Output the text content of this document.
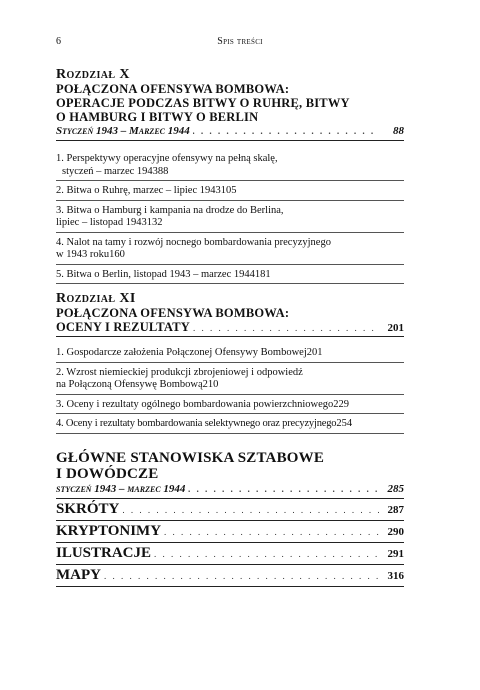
6	Spis treści
Rozdział X
POŁĄCZONA OFENSYWA BOMBOWA:
OPERACJE PODCZAS BITWY O RUHRĘ, BITWY
O HAMBURG I BITWY O BERLIN
Styczeń 1943 – Marzec 1944 . . .	88
1. Perspektywy operacyjne ofensywy na pełną skalę,
styczeń – marzec 1943 88
2. Bitwa o Ruhrę, marzec – lipiec 1943 105
3. Bitwa o Hamburg i kampania na drodze do Berlina,
lipiec – listopad 1943 132
4. Nalot na tamy i rozwój nocnego bombardowania precyzyjnego
w 1943 roku 160
5. Bitwa o Berlin, listopad 1943 – marzec 1944 181
Rozdział XI
POŁĄCZONA OFENSYWA BOMBOWA:
OCENY I REZULTATY . . .	201
1. Gospodarcze założenia Połączonej Ofensywy Bombowej 201
2. Wzrost niemieckiej produkcji zbrojeniowej i odpowiedź
na Połączoną Ofensywę Bombową 210
3. Oceny i rezultaty ogólnego bombardowania powierzchniowego 229
4. Oceny i rezultaty bombardowania selektywnego oraz precyzyjnego 254
GŁÓWNE STANOWISKA SZTABOWE
I DOWÓDCZE
styczeń 1943 – marzec 1944 . . .	285
SKRÓTY . . .	287
KRYPTONIMY . . .	290
ILUSTRACJE . . .	291
MAPY . . .	316
